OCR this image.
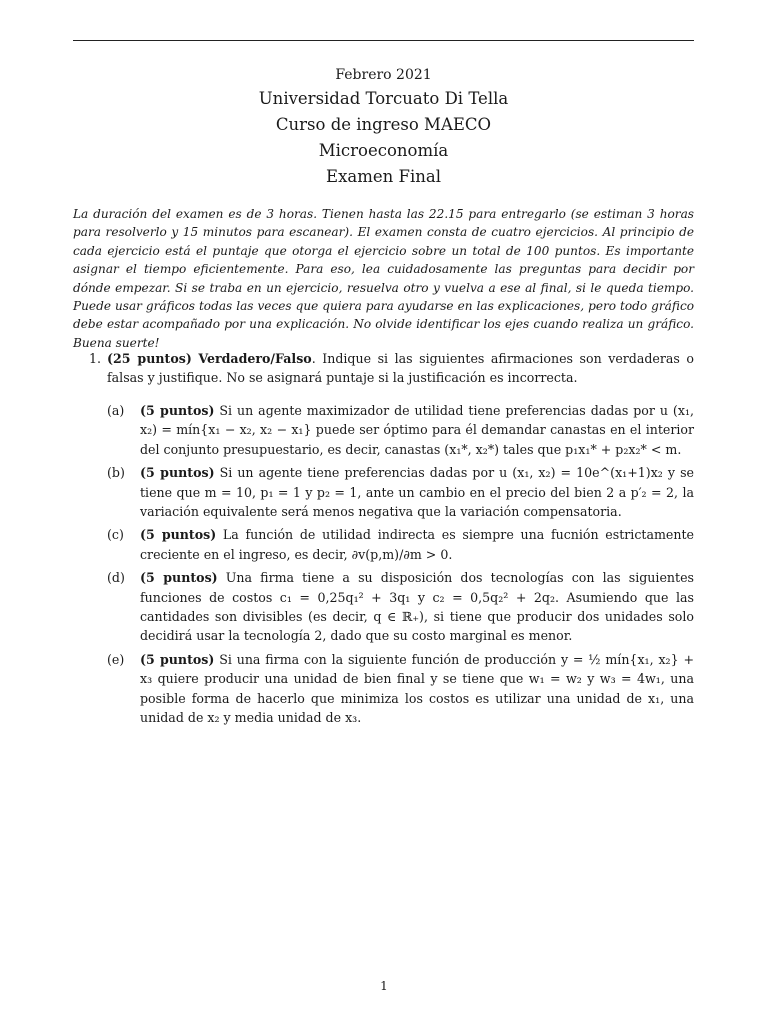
Febrero 2021
Universidad Torcuato Di Tella
Curso de ingreso MAECO
Microeconomía
Examen Final
La duración del examen es de 3 horas. Tienen hasta las 22.15 para entregarlo (se estiman 3 horas para resolverlo y 15 minutos para escanear). El examen consta de cuatro ejercicios. Al principio de cada ejercicio está el puntaje que otorga el ejercicio sobre un total de 100 puntos. Es importante asignar el tiempo eficientemente. Para eso, lea cuidadosamente las preguntas para decidir por dónde empezar. Si se traba en un ejercicio, resuelva otro y vuelva a ese al final, si le queda tiempo. Puede usar gráficos todas las veces que quiera para ayudarse en las explicaciones, pero todo gráfico debe estar acompañado por una explicación. No olvide identificar los ejes cuando realiza un gráfico. Buena suerte!
1. (25 puntos) Verdadero/Falso. Indique si las siguientes afirmaciones son verdaderas o falsas y justifique. No se asignará puntaje si la justificación es incorrecta.
(a) (5 puntos) Si un agente maximizador de utilidad tiene preferencias dadas por u (x₁, x₂) = mín{x₁ − x₂, x₂ − x₁} puede ser óptimo para él demandar canastas en el interior del conjunto presupuestario, es decir, canastas (x₁*, x₂*) tales que p₁x₁* + p₂x₂* < m.
(b) (5 puntos) Si un agente tiene preferencias dadas por u (x₁, x₂) = 10e^(x₁+1)x₂ y se tiene que m = 10, p₁ = 1 y p₂ = 1, ante un cambio en el precio del bien 2 a p′₂ = 2, la variación equivalente será menos negativa que la variación compensatoria.
(c) (5 puntos) La función de utilidad indirecta es siempre una fucnión estrictamente creciente en el ingreso, es decir, ∂v(p,m)/∂m > 0.
(d) (5 puntos) Una firma tiene a su disposición dos tecnologías con las siguientes funciones de costos c₁ = 0,25q₁² + 3q₁ y c₂ = 0,5q₂² + 2q₂. Asumiendo que las cantidades son divisibles (es decir, q ∈ ℝ₊), si tiene que producir dos unidades solo decidirá usar la tecnología 2, dado que su costo marginal es menor.
(e) (5 puntos) Si una firma con la siguiente función de producción y = ½ mín{x₁, x₂} + x₃ quiere producir una unidad de bien final y se tiene que w₁ = w₂ y w₃ = 4w₁, una posible forma de hacerlo que minimiza los costos es utilizar una unidad de x₁, una unidad de x₂ y media unidad de x₃.
1
